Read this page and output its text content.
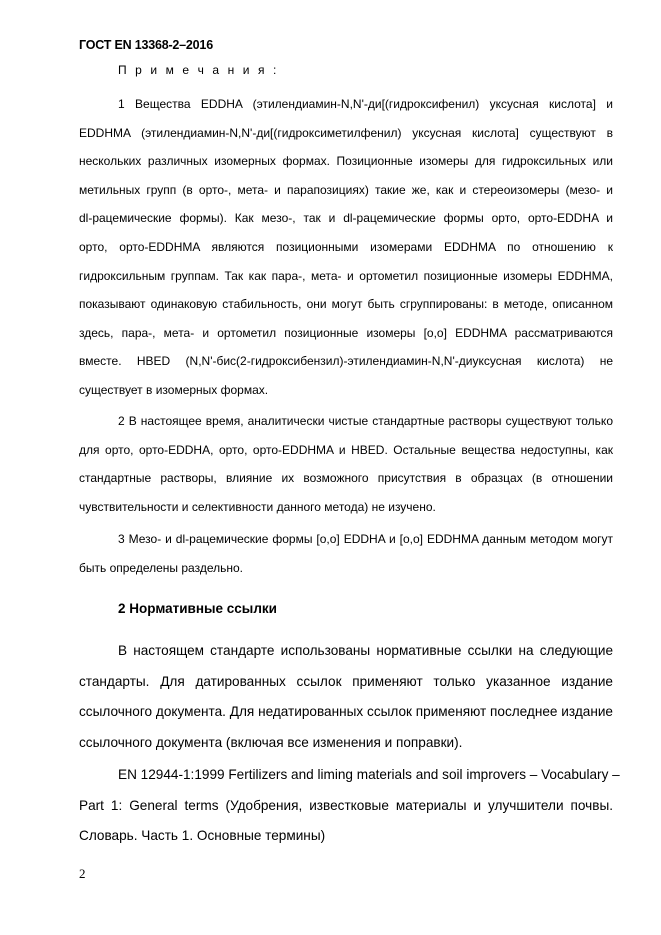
ГОСТ EN 13368-2–2016
П р и м е ч а н и я :
1 Вещества EDDHA (этилендиамин-N,N'-ди[(гидроксифенил) уксусная кислота] и
EDDHMA (этилендиамин-N,N'-ди[(гидроксиметилфенил) уксусная кислота] существуют в
нескольких различных изомерных формах. Позиционные изомеры для гидроксильных или
метильных групп (в орто-, мета- и парапозициях) такие же, как и стереоизомеры (мезо- и
dl-рацемические формы). Как мезо-, так и dl-рацемические формы орто, орто-EDDHA и
орто, орто-EDDHMA являются позиционными изомерами EDDHMA по отношению к
гидроксильным группам. Так как пара-, мета- и ортометил позиционные изомеры EDDHMA,
показывают одинаковую стабильность, они могут быть сгруппированы: в методе, описанном
здесь, пара-, мета- и ортометил позиционные изомеры [o,o] EDDHMA рассматриваются
вместе. HBED (N,N'-бис(2-гидроксибензил)-этилендиамин-N,N'-диуксусная кислота) не
существует в изомерных формах.
2 В настоящее время, аналитически чистые стандартные растворы существуют только
для орто, орто-EDDHA, орто, орто-EDDHMA и HBED. Остальные вещества недоступны, как
стандартные растворы, влияние их возможного присутствия в образцах (в отношении
чувствительности и селективности данного метода) не изучено.
3 Мезо- и dl-рацемические формы [o,o] EDDHA и [o,o] EDDHMA данным методом могут
быть определены раздельно.
2 Нормативные ссылки
В настоящем стандарте использованы нормативные ссылки на следующие
стандарты. Для датированных ссылок применяют только указанное издание
ссылочного документа. Для недатированных ссылок применяют последнее издание
ссылочного документа (включая все изменения и поправки).
EN 12944-1:1999 Fertilizers and liming materials and soil improvers – Vocabulary –
Part 1: General terms (Удобрения, известковые материалы и улучшители почвы.
Словарь. Часть 1. Основные термины)
2
